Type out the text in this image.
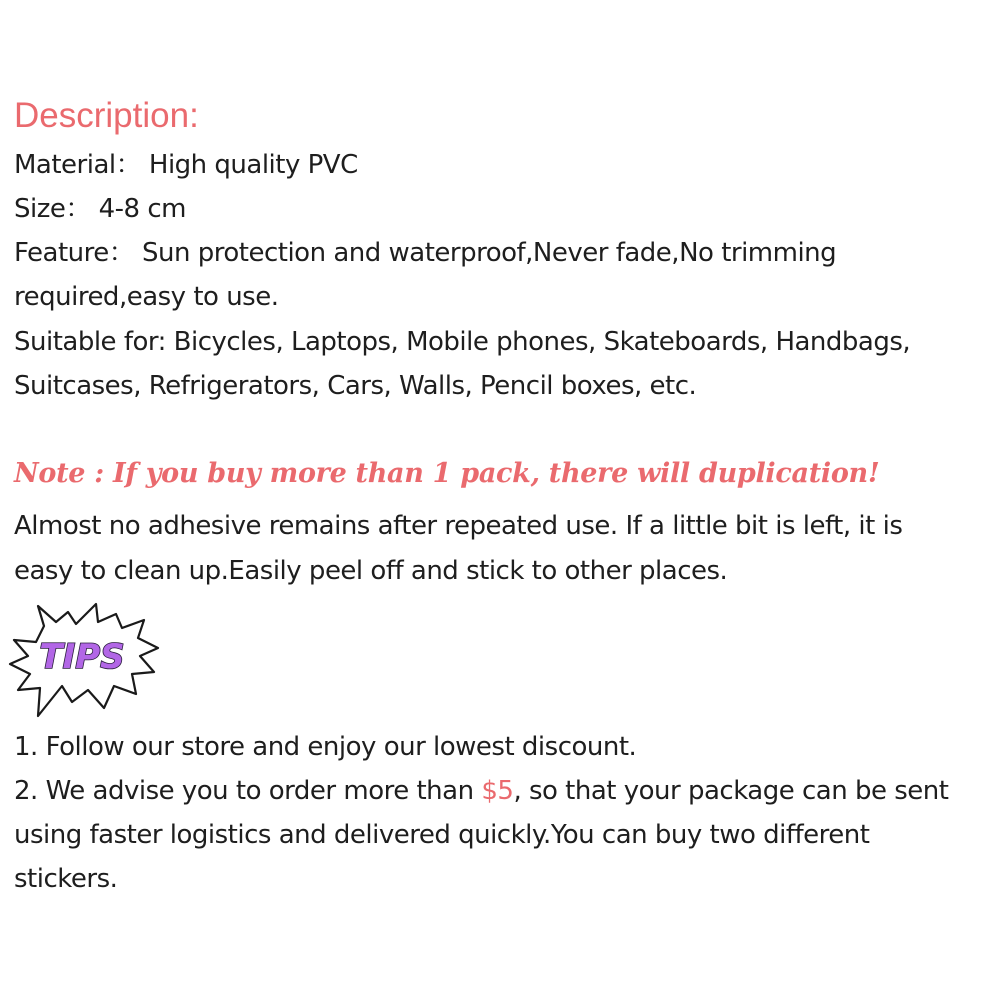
Description:
Material： High quality PVC
Size： 4-8 cm
Feature： Sun protection and waterproof,Never fade,No trimming
required,easy to use.
Suitable for: Bicycles, Laptops, Mobile phones, Skateboards, Handbags,
Suitcases, Refrigerators, Cars, Walls, Pencil boxes, etc.
Note : If you buy more than 1 pack, there will duplication!
Almost no adhesive remains after repeated use. If a little bit is left, it is
easy to clean up.Easily peel off and stick to other places.
1. Follow our store and enjoy our lowest discount.
2. We advise you to order more than $5, so that your package can be sent
using faster logistics and delivered quickly.You can buy two different
stickers.
TIPS
